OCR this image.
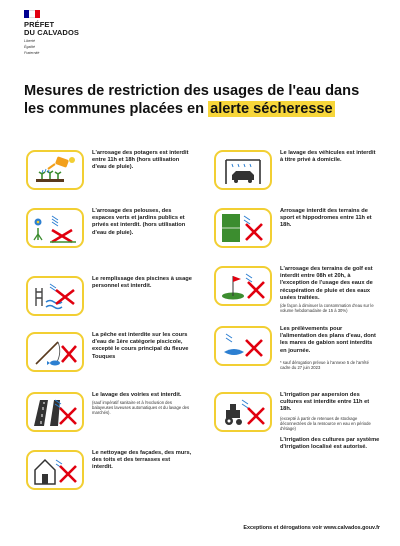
PRÉFET
DU CALVADOS
Liberté
Égalité
Fraternité
Mesures de restriction des usages de l'eau dans
les communes placées en alerte sécheresse
L'arrosage des potagers est interdit entre 11h et 18h (hors utilisation d'eau de pluie).
L'arrosage des pelouses, des espaces verts et jardins publics et privés est interdit. (hors utilisation d'eau de pluie).
Le remplissage des piscines à usage personnel est interdit.
La pêche est interdite sur les cours d'eau de 1ère catégorie piscicole, excepté le cours principal du fleuve Touques
Le lavage des voiries est interdit.
(sauf impératif sanitaire et à l'exclusion des balayeuses laveuses automatiques et du lavage des marchés).
Le nettoyage des façades, des murs, des toits et des terrasses est interdit.
Le lavage des véhicules est interdit à titre privé à domicile.
Arrosage interdit des terrains de sport et hippodromes entre 11h et 18h.
L'arrosage des terrains de golf est interdit entre 08h et 20h, à l'exception de l'usage des eaux de récupération de pluie et des eaux usées traitées.
(de façon à diminuer la consommation d'eau sur le volume hebdomadaire de 15 à 30%)
Les prélèvements pour l'alimentation des plans d'eau, dont les mares de gabion sont interdits en journée.
* sauf dérogation prévue à l'annexe 5 de l'arrêté cadre du 27 juin 2023
L'irrigation par aspersion des cultures est interdite entre 11h et 18h.
(excepté à partir de retenues de stockage déconnectées de la ressource en eau en période d'étiage)
L'irrigation des cultures par système d'irrigation localisé est autorisé.
Exceptions et dérogations voir www.calvados.gouv.fr
